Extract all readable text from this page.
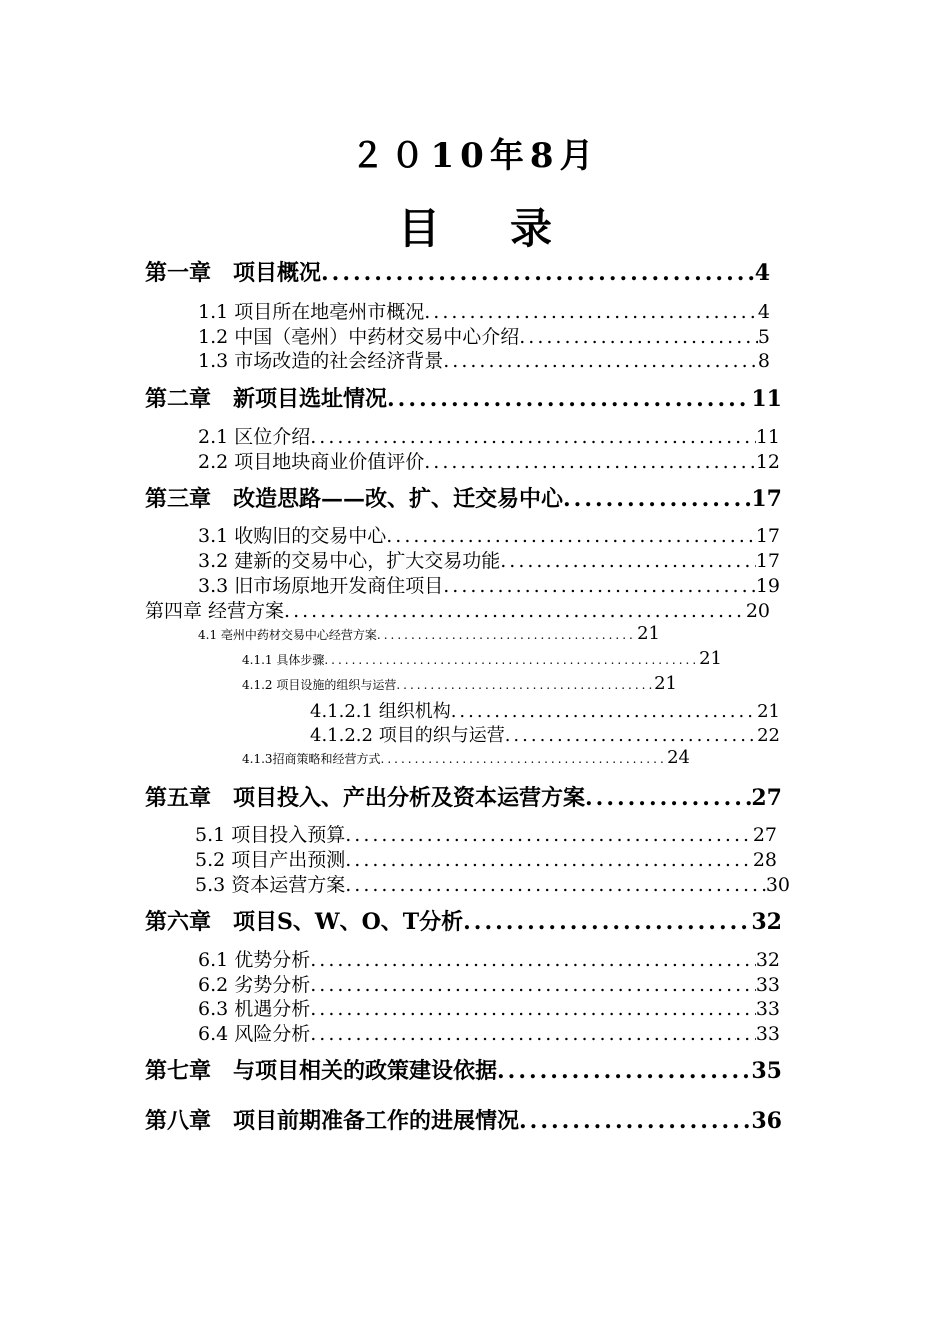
２０10年8月
目录
第一章　项目概况 .....	4
1.1 项目所在地亳州市概况 .....	4
1.2 中国（亳州）中药材交易中心介绍 .....	5
1.3 市场改造的社会经济背景 .....	8
第二章　新项目选址情况 .....	11
2.1 区位介绍 .....	11
2.2 项目地块商业价值评价 .....	12
第三章　改造思路——改、扩、迁交易中心 .....	17
3.1 收购旧的交易中心 .....	17
3.2 建新的交易中心，扩大交易功能 .....	17
3.3 旧市场原地开发商住项目 .....	19
第四章 经营方案 .....	20
4.1 亳州中药材交易中心经营方案 .....	21
4.1.1 具体步骤 .....	21
4.1.2 项目设施的组织与运营 .....	21
4.1.2.1 组织机构 .....	21
4.1.2.2 项目的织与运营 .....	22
4.1.3招商策略和经营方式 .....	24
第五章　项目投入、产出分析及资本运营方案 .....	27
5.1 项目投入预算 .....	27
5.2 项目产出预测 .....	28
5.3 资本运营方案 .....	30
第六章　项目S、W、O、T分析 .....	32
6.1 优势分析 .....	32
6.2 劣势分析 .....	33
6.3 机遇分析 .....	33
6.4 风险分析 .....	33
第七章　与项目相关的政策建设依据 .....	35
第八章　项目前期准备工作的进展情况 .....	36
